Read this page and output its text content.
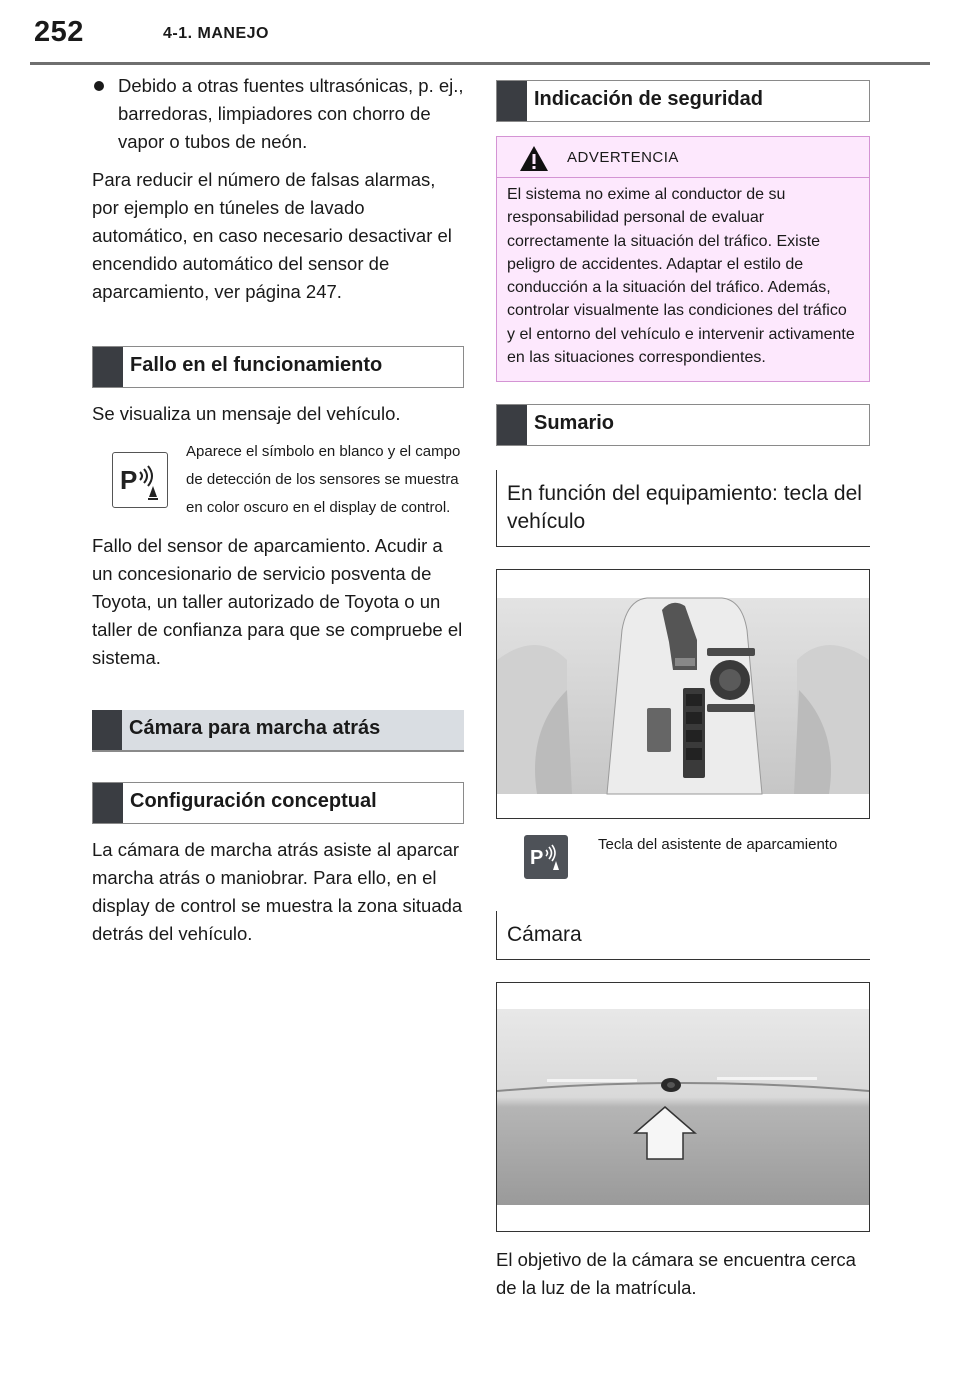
252	4-1. MANEJO
Debido a otras fuentes ultrasónicas, p. ej., barredoras, limpiadores con chorro de vapor o tubos de neón.
Para reducir el número de falsas alarmas, por ejemplo en túneles de lavado automático, en caso necesario desactivar el encendido automático del sensor de aparcamiento, ver página 247.
Fallo en el funcionamiento
Se visualiza un mensaje del vehículo.
P
Aparece el símbolo en blanco y el campo de detección de los sensores se muestra en color oscuro en el display de control.
Fallo del sensor de aparcamiento. Acudir a un concesionario de servicio posventa de Toyota, un taller autorizado de Toyota o un taller de confianza para que se compruebe el sistema.
Cámara para marcha atrás
Configuración conceptual
La cámara de marcha atrás asiste al aparcar marcha atrás o maniobrar. Para ello, en el display de control se muestra la zona situada detrás del vehículo.
Indicación de seguridad
ADVERTENCIA
El sistema no exime al conductor de su responsabilidad personal de evaluar correctamente la situación del tráfico. Existe peligro de accidentes. Adaptar el estilo de conducción a la situación del tráfico. Además, controlar visualmente las condiciones del tráfico y el entorno del vehículo e intervenir activamente en las situaciones correspondientes.
Sumario
En función del equipamiento: tecla del vehículo
P
Tecla del asistente de aparcamiento
Cámara
El objetivo de la cámara se encuentra cerca de la luz de la matrícula.
